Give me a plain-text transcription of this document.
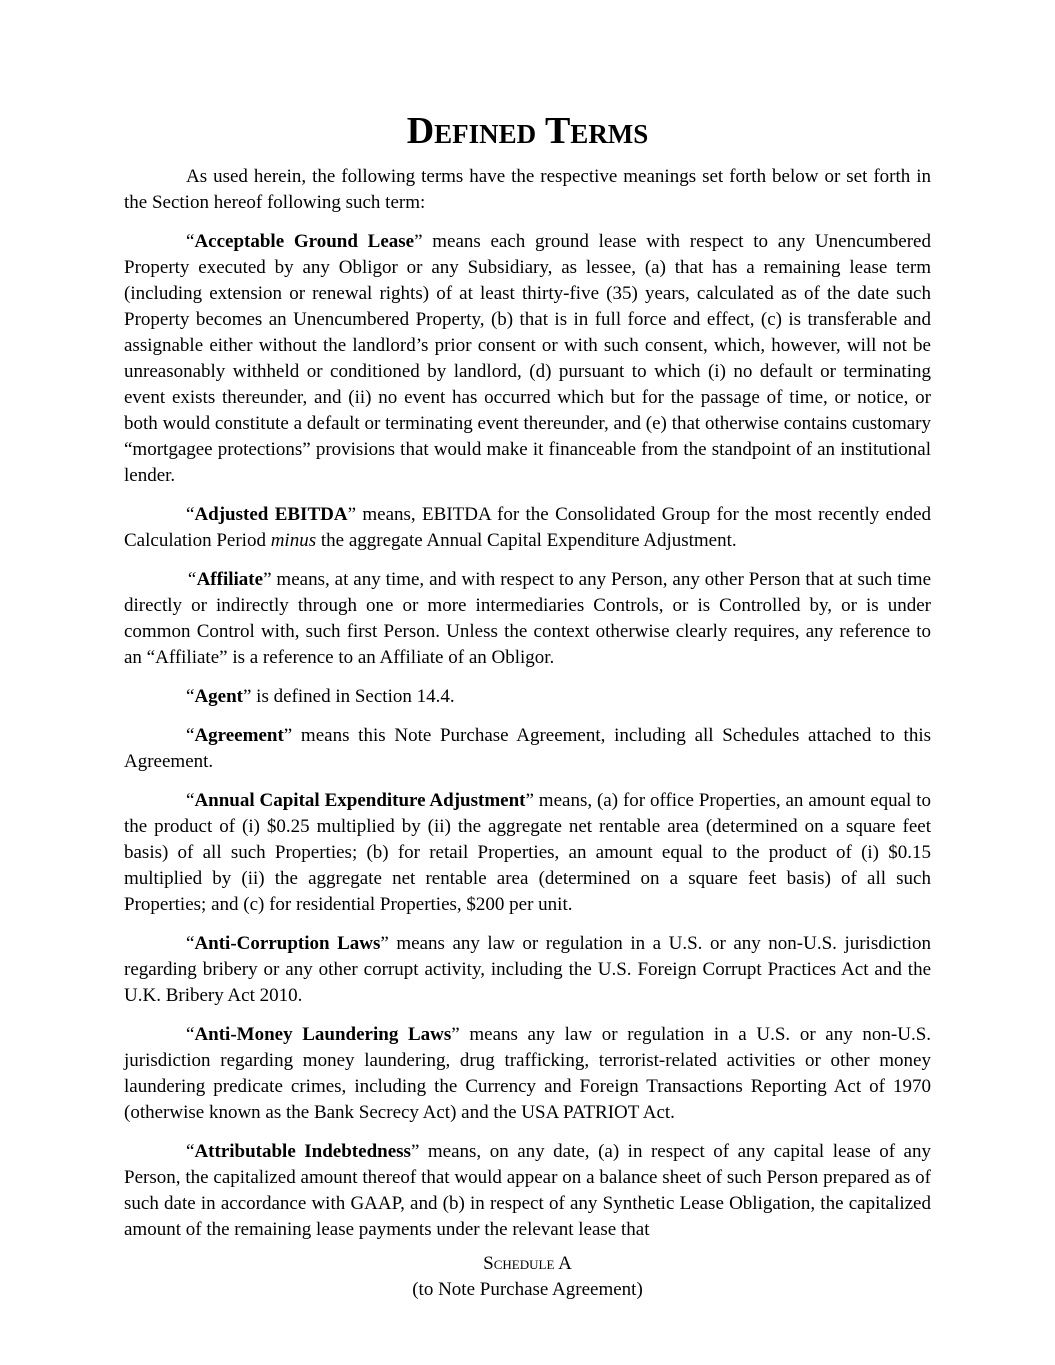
Defined Terms

As used herein, the following terms have the respective meanings set forth below or set forth in the Section hereof following such term:

“Acceptable Ground Lease” means each ground lease with respect to any Unencumbered Property executed by any Obligor or any Subsidiary, as lessee, (a) that has a remaining lease term (including extension or renewal rights) of at least thirty-five (35) years, calculated as of the date such Property becomes an Unencumbered Property, (b) that is in full force and effect, (c) is transferable and assignable either without the landlord’s prior consent or with such consent, which, however, will not be unreasonably withheld or conditioned by landlord, (d) pursuant to which (i) no default or terminating event exists thereunder, and (ii) no event has occurred which but for the passage of time, or notice, or both would constitute a default or terminating event thereunder, and (e) that otherwise contains customary “mortgagee protections” provisions that would make it financeable from the standpoint of an institutional lender.

“Adjusted EBITDA” means, EBITDA for the Consolidated Group for the most recently ended Calculation Period minus the aggregate Annual Capital Expenditure Adjustment.

“Affiliate” means, at any time, and with respect to any Person, any other Person that at such time directly or indirectly through one or more intermediaries Controls, or is Controlled by, or is under common Control with, such first Person. Unless the context otherwise clearly requires, any reference to an “Affiliate” is a reference to an Affiliate of an Obligor.

“Agent” is defined in Section 14.4.

“Agreement” means this Note Purchase Agreement, including all Schedules attached to this Agreement.

“Annual Capital Expenditure Adjustment” means, (a) for office Properties, an amount equal to the product of (i) $0.25 multiplied by (ii) the aggregate net rentable area (determined on a square feet basis) of all such Properties; (b) for retail Properties, an amount equal to the product of (i) $0.15 multiplied by (ii) the aggregate net rentable area (determined on a square feet basis) of all such Properties; and (c) for residential Properties, $200 per unit.

“Anti-Corruption Laws” means any law or regulation in a U.S. or any non-U.S. jurisdiction regarding bribery or any other corrupt activity, including the U.S. Foreign Corrupt Practices Act and the U.K. Bribery Act 2010.

“Anti-Money Laundering Laws” means any law or regulation in a U.S. or any non-U.S. jurisdiction regarding money laundering, drug trafficking, terrorist-related activities or other money laundering predicate crimes, including the Currency and Foreign Transactions Reporting Act of 1970 (otherwise known as the Bank Secrecy Act) and the USA PATRIOT Act.

“Attributable Indebtedness” means, on any date, (a) in respect of any capital lease of any Person, the capitalized amount thereof that would appear on a balance sheet of such Person prepared as of such date in accordance with GAAP, and (b) in respect of any Synthetic Lease Obligation, the capitalized amount of the remaining lease payments under the relevant lease that

Schedule A

(to Note Purchase Agreement)
